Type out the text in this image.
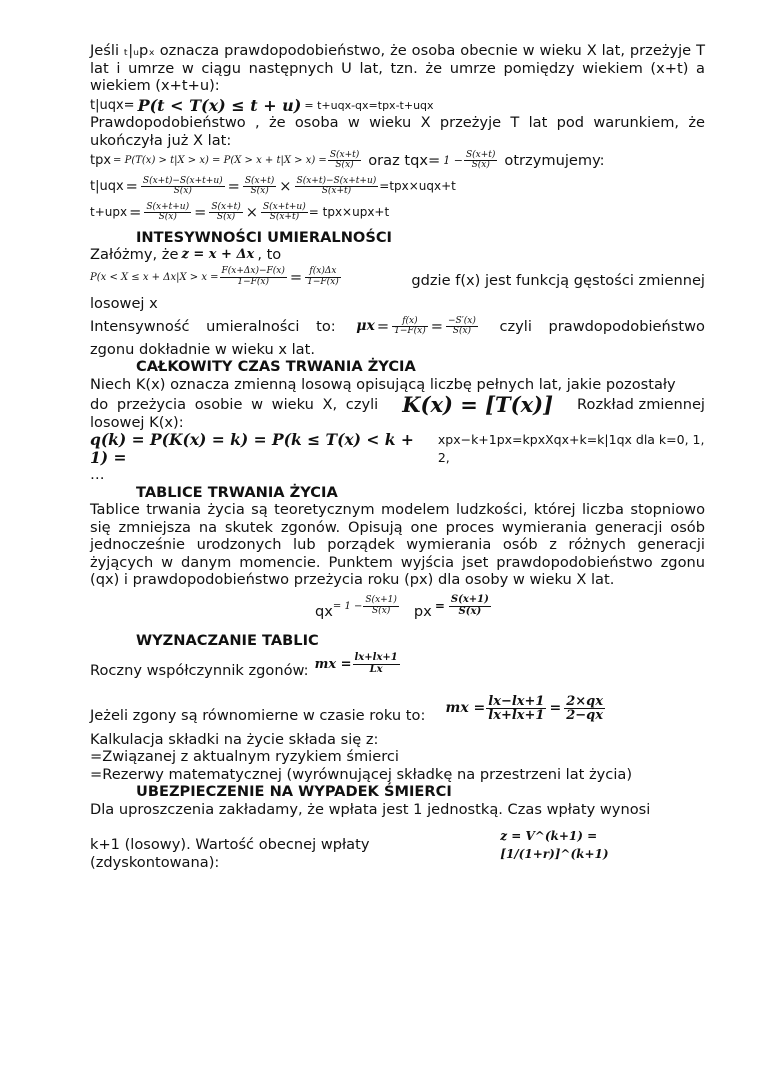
Jeśli ₜ|ᵤpₓ oznacza prawdopodobieństwo, że osoba obecnie w wieku X lat, przeżyje T lat i umrze w ciągu następnych U lat, tzn. że umrze pomiędzy wiekiem (x+t) a wiekiem (x+t+u):
t|uqx= P(t < T(x) ≤ t + u) = t+uqx-qx=tpx-t+uqx
Prawdopodobieństwo , że osoba w wieku X przeżyje T lat pod warunkiem, że ukończyła już X lat:
tpx = $P(T(x) > t|X > x) = P(X > x + t|X > x) = \frac{S(x+t)}{S(x)}$ oraz $tqx= 1 - \frac{S(x+t)}{S(x)}$ otrzymujemy:
$t|uqx = \frac{S(x+t)-S(x+t+u)}{S(x)} = \frac{S(x+t)}{S(x)} \times \frac{S(x+t)-S(x+t+u)}{S(x+t)} =tpx\times uqx+t$
$t+upx = \frac{S(x+t+u)}{S(x)} = \frac{S(x+t)}{S(x)} \times \frac{S(x+t+u)}{S(x+t)} = tpx\times upx+t$
INTESYWNOŚCI UMIERALNOŚCI
Załóżmy, że z = x + Δx , to
$P(x < X \le x + \Delta x|X > x = \frac{F(x+\Delta x)-F(x)}{1-F(x)} = \frac{f(x)\Delta x}{1-F(x)}$	gdzie f(x) jest funkcją gęstości zmiennej
losowej x
Intensywność umieralności to: $\mu x = \frac{f(x)}{1-F(x)} = \frac{-S'(x)}{S(x)}$ czyli prawdopodobieństwo
zgonu dokładnie w wieku x lat.
CAŁKOWITY CZAS TRWANIA ŻYCIA
Niech K(x) oznacza zmienną losową opisującą liczbę pełnych lat, jakie pozostały
do przeżycia osobie w wieku X, czyli K(x) = [T(x)] Rozkład zmiennej
losowej K(x):
q(k) = P(K(x) = k) = P(k ≤ T(x) < k + 1) =
xpx−k+1px=kpxXqx+k=k|1qx dla k=0, 1, 2,
…
TABLICE TRWANIA ŻYCIA
Tablice trwania życia są teoretycznym modelem ludzkości, której liczba stopniowo się zmniejsza na skutek zgonów. Opisują one proces wymierania generacji osób jednocześnie urodzonych lub porządek wymierania osób z różnych generacji żyjących w danym momencie. Punktem wyjścia jset prawdopodobieństwo zgonu (qx) i prawdopodobieństwo przeżycia roku (px) dla osoby w wieku X lat.
qx = $1 - \frac{S(x+1)}{S(x)}$ px = $\frac{S(x+1)}{S(x)}$
WYZNACZANIE TABLIC
Roczny współczynnik zgonów: mx = $\frac{lx+lx+1}{Lx}$
Jeżeli zgony są równomierne w czasie roku to: mx = $\frac{lx-lx+1}{lx+lx+1} = \frac{2\times qx}{2-qx}$
Kalkulacja składki na życie składa się z:
=Związanej z aktualnym ryzykiem śmierci
=Rezerwy matematycznej (wyrównującej składkę na przestrzeni lat życia)
UBEZPIECZENIE NA WYPADEK ŚMIERCI
Dla uproszczenia zakładamy, że wpłata jest 1 jednostką. Czas wpłaty wynosi
k+1 (losowy). Wartość obecnej wpłaty (zdyskontowana):
z = V^(k+1) = [1/(1+r)]^(k+1)
